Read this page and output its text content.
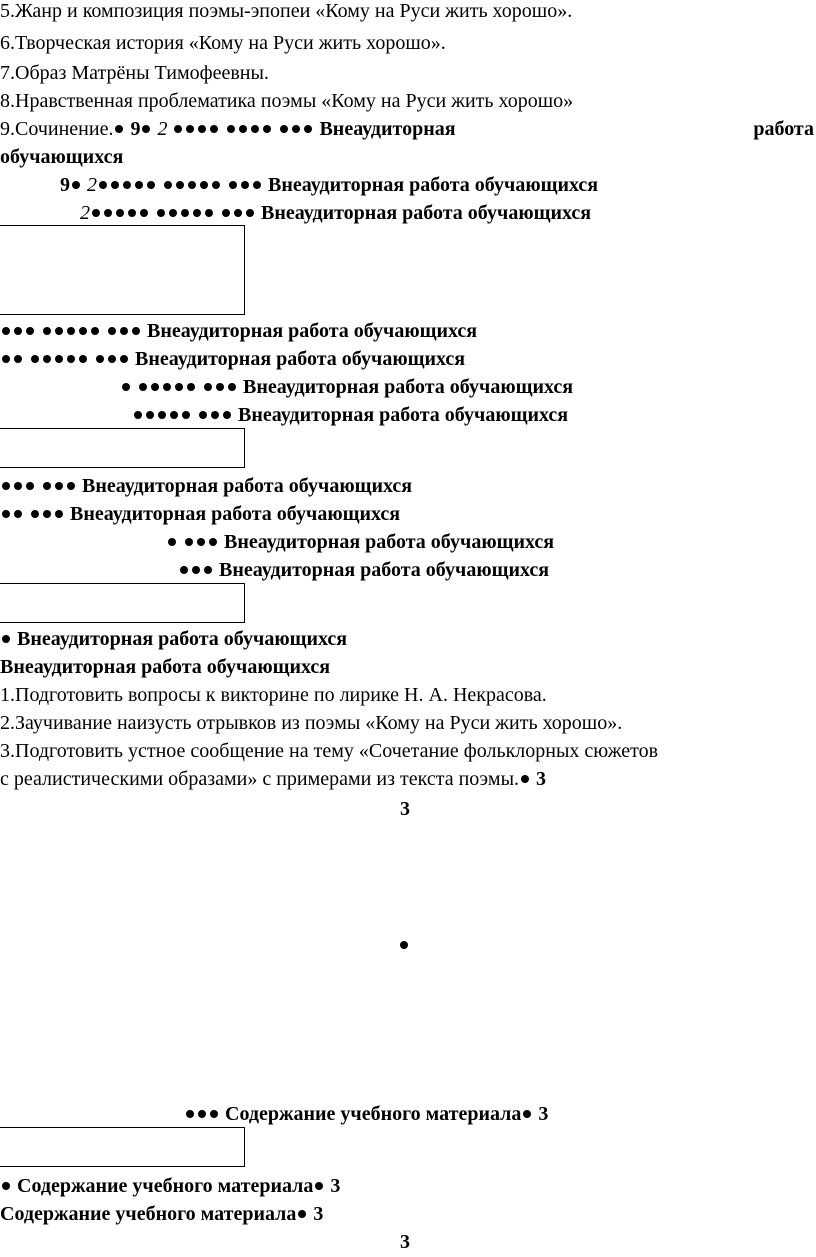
5.Жанр и композиция поэмы-эпопеи «Кому на Руси жить хорошо».
6.Творческая история «Кому на Руси жить хорошо».
7.Образ Матрёны Тимофеевны.
8.Нравственная проблематика поэмы «Кому на Руси жить хорошо»
9.Сочинение. 9 2	Внеаудиторная	работа
обучающихся
9 2	Внеаудиторная работа обучающихся
2	Внеаудиторная работа обучающихся
Внеаудиторная работа обучающихся
Внеаудиторная работа обучающихся
Внеаудиторная работа обучающихся
Внеаудиторная работа обучающихся
Внеаудиторная работа обучающихся
Внеаудиторная работа обучающихся
Внеаудиторная работа обучающихся
Внеаудиторная работа обучающихся
Внеаудиторная работа обучающихся
Внеаудиторная работа обучающихся
1.Подготовить вопросы к викторине по лирике Н. А. Некрасова.
2.Заучивание наизусть отрывков из поэмы «Кому на Руси жить хорошо».
3.Подготовить устное сообщение на тему «Сочетание фольклорных сюжетов
с реалистическими образами» с примерами из текста поэмы. 3
3
Содержание учебного материала 3
Содержание учебного материала 3
Содержание учебного материала 3
3
